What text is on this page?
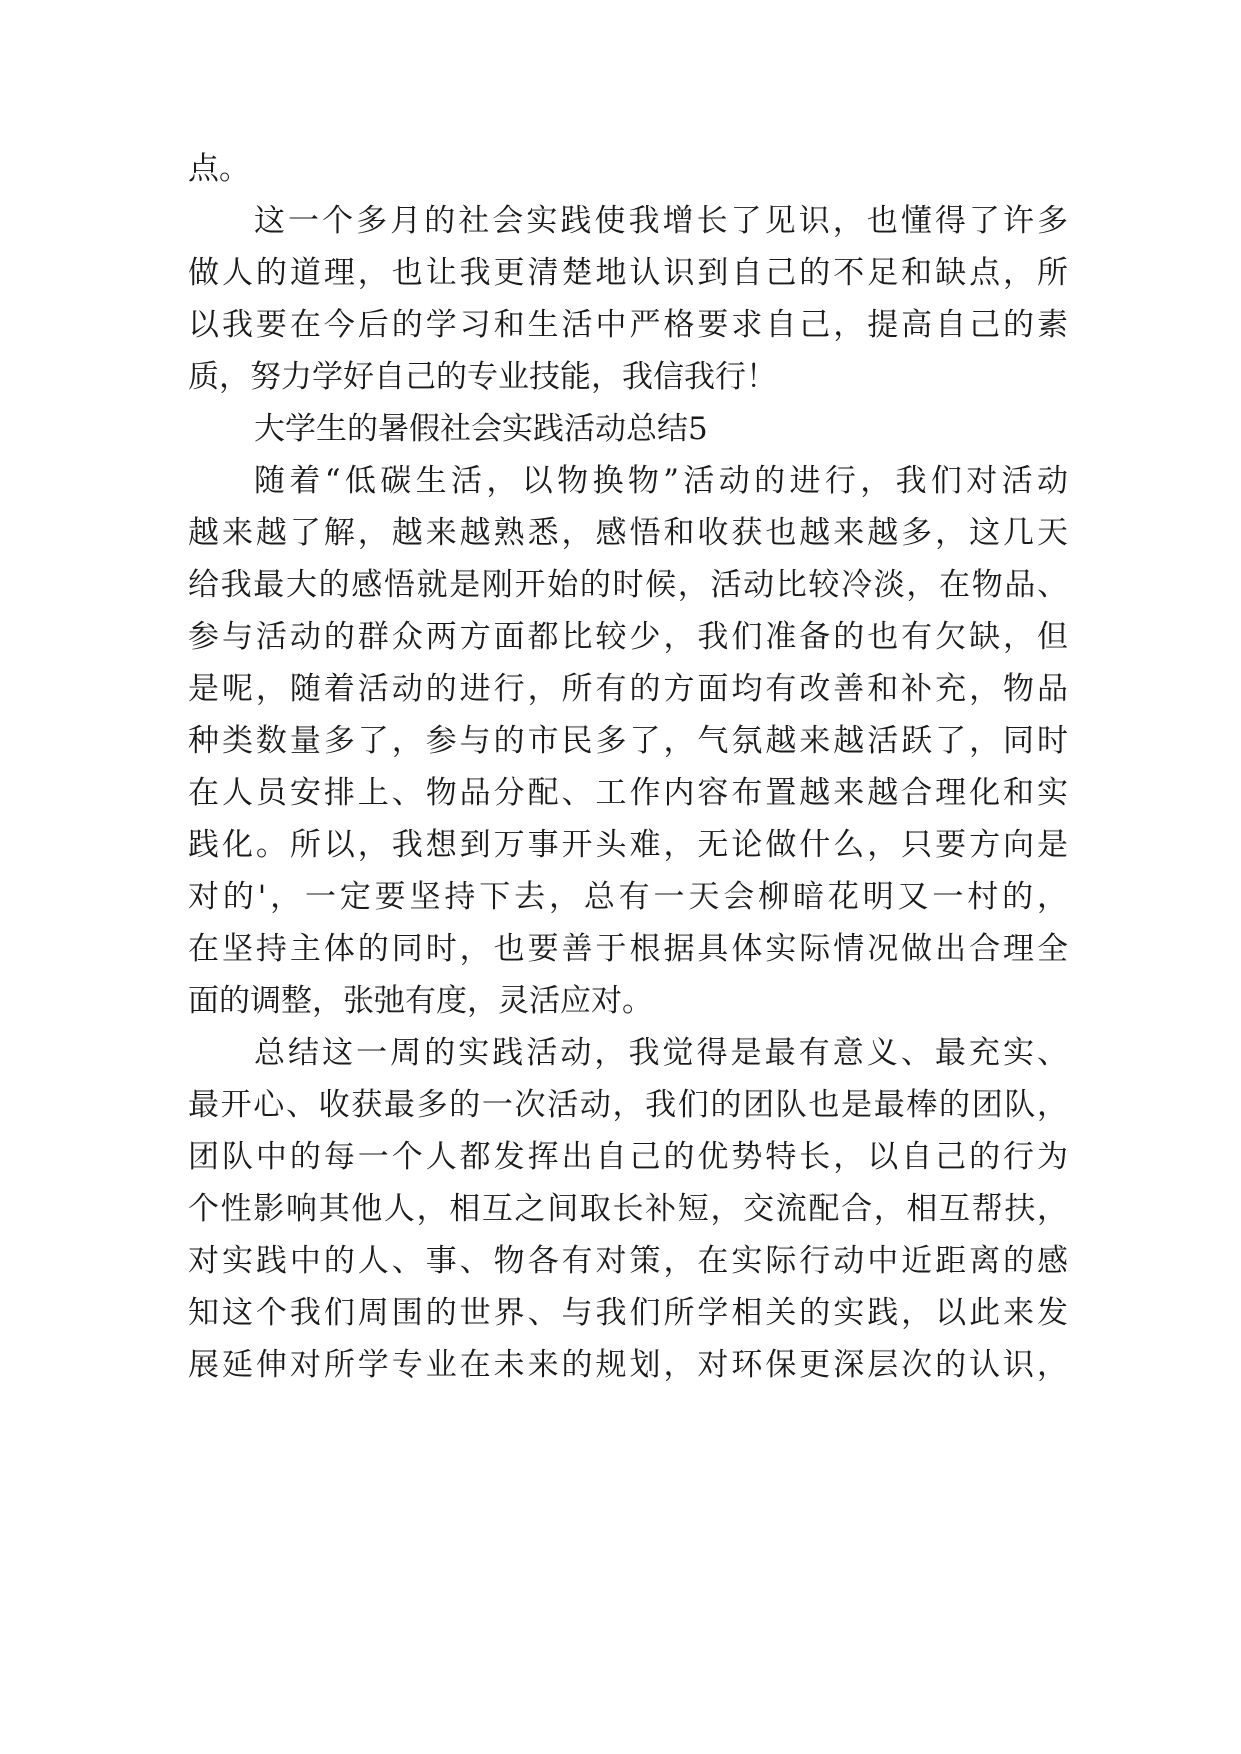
点。
这一个多月的社会实践使我增长了见识，也懂得了许多
做人的道理，也让我更清楚地认识到自己的不足和缺点，所
以我要在今后的学习和生活中严格要求自己，提高自己的素
质，努力学好自己的专业技能，我信我行！
大学生的暑假社会实践活动总结5
随着“低碳生活，以物换物”活动的进行，我们对活动
越来越了解，越来越熟悉，感悟和收获也越来越多，这几天
给我最大的感悟就是刚开始的时候，活动比较冷淡，在物品、
参与活动的群众两方面都比较少，我们准备的也有欠缺，但
是呢，随着活动的进行，所有的方面均有改善和补充，物品
种类数量多了，参与的市民多了，气氛越来越活跃了，同时
在人员安排上、物品分配、工作内容布置越来越合理化和实
践化。所以，我想到万事开头难，无论做什么，只要方向是
对的'，一定要坚持下去，总有一天会柳暗花明又一村的，
在坚持主体的同时，也要善于根据具体实际情况做出合理全
面的调整，张弛有度，灵活应对。
总结这一周的实践活动，我觉得是最有意义、最充实、
最开心、收获最多的一次活动，我们的团队也是最棒的团队，
团队中的每一个人都发挥出自己的优势特长，以自己的行为
个性影响其他人，相互之间取长补短，交流配合，相互帮扶，
对实践中的人、事、物各有对策，在实际行动中近距离的感
知这个我们周围的世界、与我们所学相关的实践，以此来发
展延伸对所学专业在未来的规划，对环保更深层次的认识，
